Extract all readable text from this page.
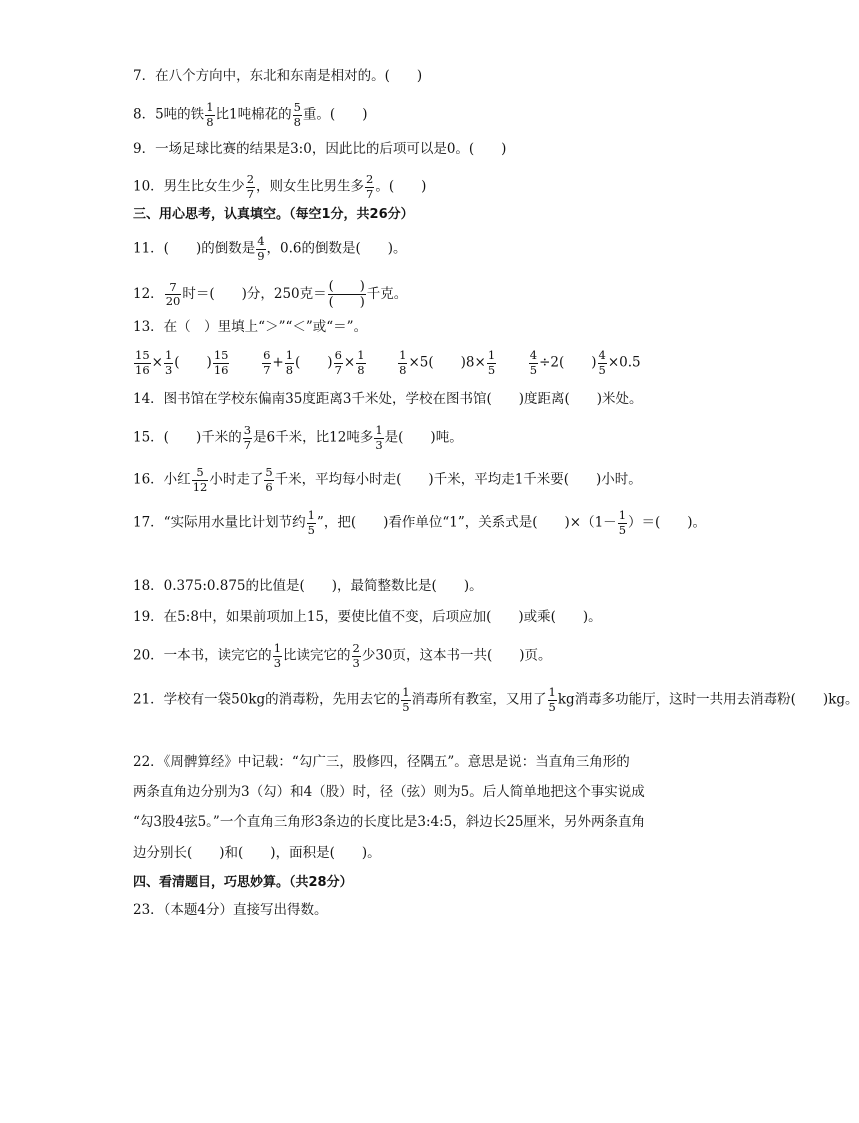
7．在八个方向中，东北和东南是相对的。(　　)
8．5吨的铁 $\frac{1}{8}$ 比1吨棉花的 $\frac{5}{8}$ 重。(　　)
9．一场足球比赛的结果是3:0，因此比的后项可以是0。(　　)
10．男生比女生少 $\frac{2}{7}$ ，则女生比男生多 $\frac{2}{7}$ 。(　　)
三、用心思考，认真填空。（每空1分，共26分）
11．(　　)的倒数是 $\frac{4}{9}$ ，0.6的倒数是(　　)。
12． $\frac{7}{20}$ 时＝(　　)分，250克＝ $\frac{( )}{( )}$ 千克。
13．在（　）里填上“＞”“＜”或“＝”。
$\frac{15}{16} \times \frac{1}{3}$ (　　) $\frac{15}{16}$
	$\frac{6}{7} + \frac{1}{8}$ (　　) $\frac{6}{7} \times \frac{1}{8}$
	$\frac{1}{8} \times 5$(　　)$8\times \frac{1}{5}$
	$\frac{4}{5} \div 2$(　　) $\frac{4}{5} \times 0.5$
14．图书馆在学校东偏南35度距离3千米处，学校在图书馆(　　)度距离(　　)米处。
15．(　　)千米的 $\frac{3}{7}$ 是6千米，比12吨多 $\frac{1}{3}$ 是(　　)吨。
16．小红 $\frac{5}{12}$ 小时走了 $\frac{5}{6}$ 千米，平均每小时走(　　)千米，平均走1千米要(　　)小时。
17．“实际用水量比计划节约 $\frac{1}{5}$ ”，把(　　)看作单位“1”，关系式是(　　)$\times(1- \frac{1}{5}$ ）＝(　　)。
18．0.375:0.875的比值是(　　)，最简整数比是(　　)。
19．在5:8中，如果前项加上15，要使比值不变，后项应加(　　)或乘(　　)。
20．一本书，读完它的 $\frac{1}{3}$ 比读完它的 $\frac{2}{3}$ 少30页，这本书一共(　　)页。
21．学校有一袋50kg的消毒粉，先用去它的 $\frac{1}{5}$ 消毒所有教室，又用了 $\frac{1}{5}$ kg消毒多功能厅，这时一共用去消毒粉(　　)kg。
22．《周髀算经》中记载：“勾广三，股修四，径隅五”。意思是说：当直角三角形的
两条直角边分别为3（勾）和4（股）时，径（弦）则为5。后人简单地把这个事实说成
“勾3股4弦5。”一个直角三角形3条边的长度比是3:4:5，斜边长25厘米，另外两条直角
边分别长(　　)和(　　)，面积是(　　)。
四、看清题目，巧思妙算。（共28分）
23．（本题4分）直接写出得数。
